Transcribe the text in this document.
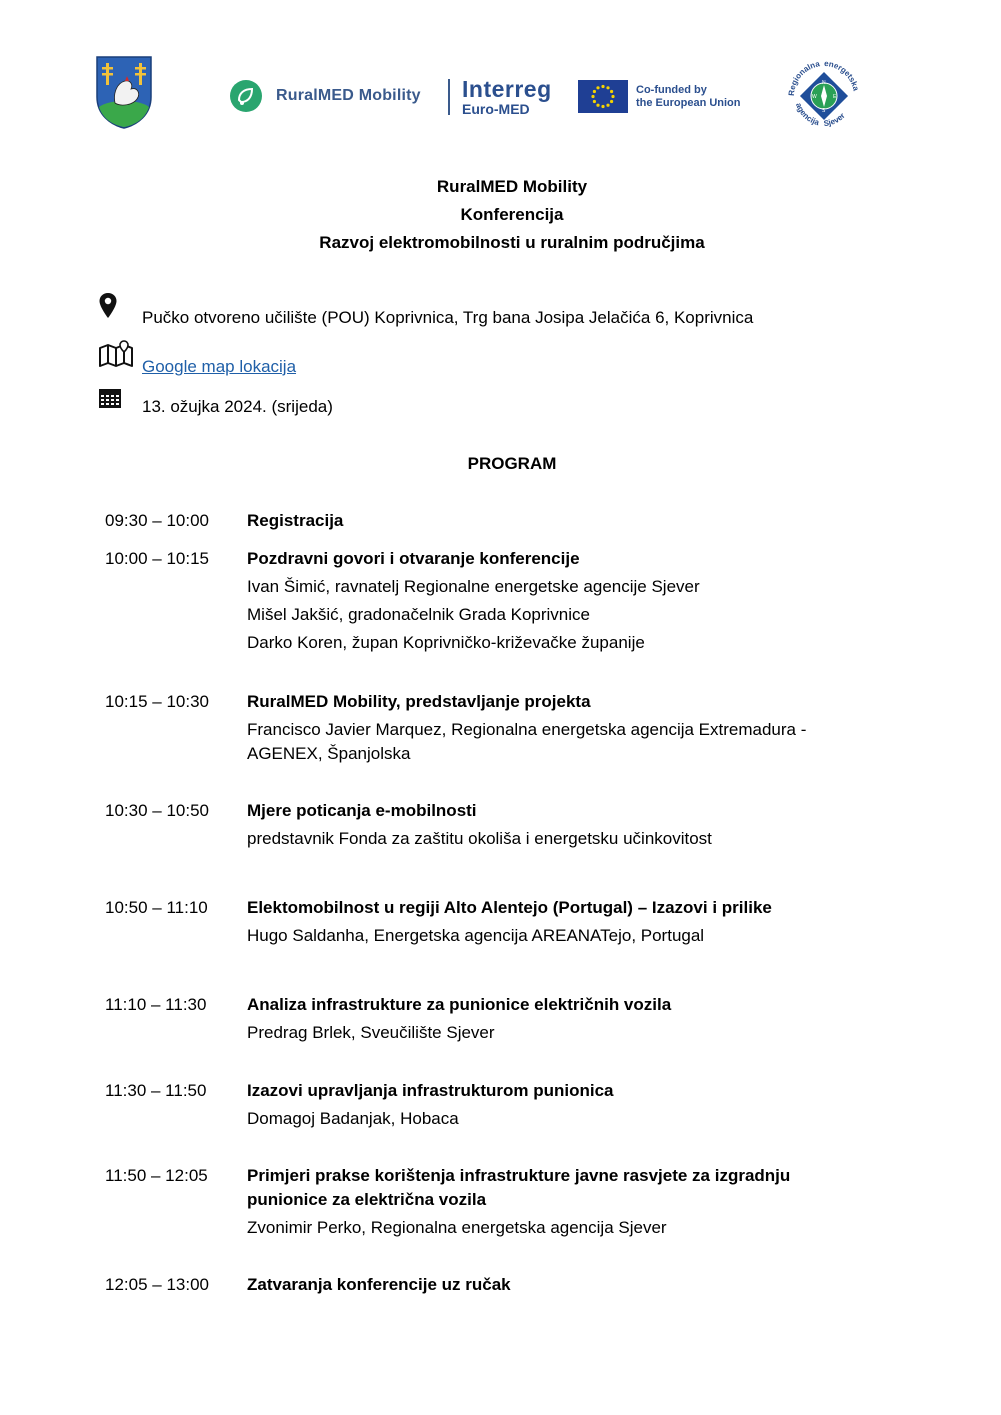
RuralMED Mobility Interreg
Euro-MED
Co-funded by
the European Union
Regionalna energetska
agencija Sjever
N
W	E
S
RuralMED Mobility
Konferencija
Razvoj elektromobilnosti u ruralnim područjima
Pučko otvoreno učilište (POU) Koprivnica, Trg bana Josipa Jelačića 6, Koprivnica
Google map lokacija
13. ožujka 2024. (srijeda)
PROGRAM
09:30 – 10:00	Registracija
10:00 – 10:15	Pozdravni govori i otvaranje konferencije
Ivan Šimić, ravnatelj Regionalne energetske agencije Sjever
Mišel Jakšić, gradonačelnik Grada Koprivnice
Darko Koren, župan Koprivničko-križevačke županije
10:15 – 10:30	RuralMED Mobility, predstavljanje projekta
Francisco Javier Marquez, Regionalna energetska agencija Extremadura -
AGENEX, Španjolska
10:30 – 10:50	Mjere poticanja e-mobilnosti
predstavnik Fonda za zaštitu okoliša i energetsku učinkovitost
10:50 – 11:10	Elektomobilnost u regiji Alto Alentejo (Portugal) – Izazovi i prilike
Hugo Saldanha, Energetska agencija AREANATejo, Portugal
11:10 – 11:30	Analiza infrastrukture za punionice električnih vozila
Predrag Brlek, Sveučilište Sjever
11:30 – 11:50	Izazovi upravljanja infrastrukturom punionica
Domagoj Badanjak, Hobaca
11:50 – 12:05	Primjeri prakse korištenja infrastrukture javne rasvjete za izgradnju
punionice za električna vozila
Zvonimir Perko, Regionalna energetska agencija Sjever
12:05 – 13:00	Zatvaranja konferencije uz ručak
